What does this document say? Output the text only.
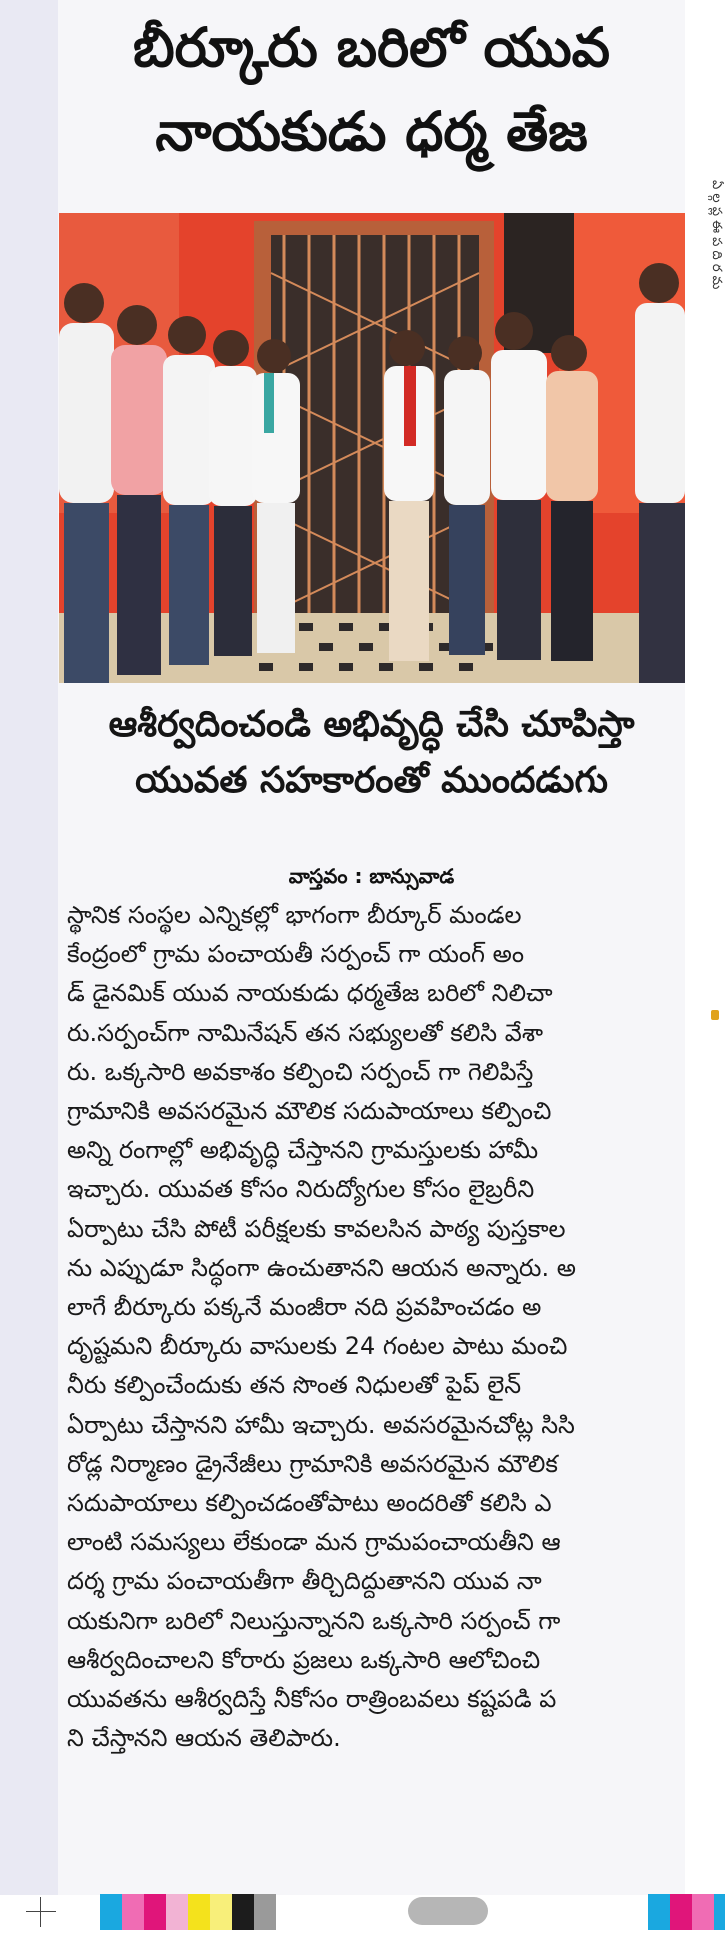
ఏ ల్గ ప్ల ఈ ప ది ర మ
బీర్కూరు బరిలో యువ
నాయకుడు ధర్మ తేజ
ఆశీర్వదించండి అభివృద్ధి చేసి చూపిస్తా
యువత సహకారంతో ముందడుగు
వాస్తవం : బాన్సువాడ
స్థానిక సంస్థల ఎన్నికల్లో భాగంగా బీర్కూర్ మండల
కేంద్రంలో గ్రామ పంచాయతీ సర్పంచ్ గా యంగ్ అం
డ్ డైనమిక్ యువ నాయకుడు ధర్మతేజ బరిలో నిలిచా
రు.సర్పంచ్‌గా నామినేషన్ తన సభ్యులతో కలిసి వేశా
రు. ఒక్కసారి అవకాశం కల్పించి సర్పంచ్ గా గెలిపిస్తే
గ్రామానికి అవసరమైన మౌలిక సదుపాయాలు కల్పించి
అన్ని రంగాల్లో అభివృద్ధి చేస్తానని గ్రామస్తులకు హామీ
ఇచ్చారు. యువత కోసం నిరుద్యోగుల కోసం లైబ్రరీని
ఏర్పాటు చేసి పోటీ పరీక్షలకు కావలసిన పాఠ్య పుస్తకాల
ను ఎప్పుడూ సిద్ధంగా ఉంచుతానని ఆయన అన్నారు. అ
లాగే బీర్కూరు పక్కనే మంజీరా నది ప్రవహించడం అ
దృష్టమని బీర్కూరు వాసులకు 24 గంటల పాటు మంచి
నీరు కల్పించేందుకు తన సొంత నిధులతో పైప్ లైన్
ఏర్పాటు చేస్తానని హామీ ఇచ్చారు. అవసరమైనచోట్ల సిసి
రోడ్ల నిర్మాణం డ్రైనేజీలు గ్రామానికి అవసరమైన మౌలిక
సదుపాయాలు కల్పించడంతోపాటు అందరితో కలిసి ఎ
లాంటి సమస్యలు లేకుండా మన గ్రామపంచాయతీని ఆ
దర్శ గ్రామ పంచాయతీగా తీర్చిదిద్దుతానని యువ నా
యకునిగా బరిలో నిలుస్తున్నానని ఒక్కసారి సర్పంచ్ గా
ఆశీర్వదించాలని కోరారు ప్రజలు ఒక్కసారి ఆలోచించి
యువతను ఆశీర్వదిస్తే నీకోసం రాత్రింబవలు కష్టపడి ప
ని చేస్తానని ఆయన తెలిపారు.
